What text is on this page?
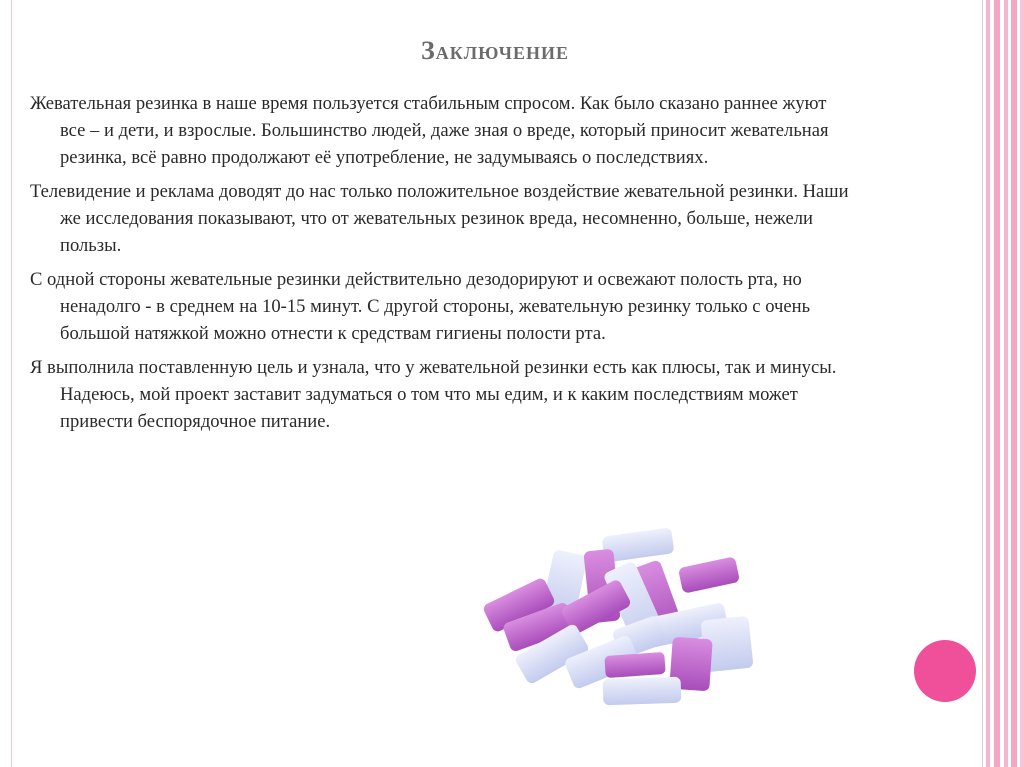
Заключение

Жевательная резинка в наше время пользуется стабильным спросом. Как было сказано раннее жуют все – и дети, и взрослые. Большинство людей, даже зная о вреде, который приносит жевательная резинка, всё равно продолжают её употребление, не задумываясь о последствиях.

Телевидение и реклама доводят до нас только положительное воздействие жевательной резинки. Наши же исследования показывают, что от жевательных резинок вреда, несомненно, больше, нежели пользы.

С одной стороны жевательные резинки действительно дезодорируют и освежают полость рта, но ненадолго - в среднем на 10-15 минут. С другой стороны, жевательную резинку только с очень большой натяжкой можно отнести к средствам гигиены полости рта.

Я выполнила поставленную цель и узнала, что у жевательной резинки есть как плюсы, так и минусы. Надеюсь, мой проект заставит задуматься о том что мы едим, и к каким последствиям может привести беспорядочное питание.
